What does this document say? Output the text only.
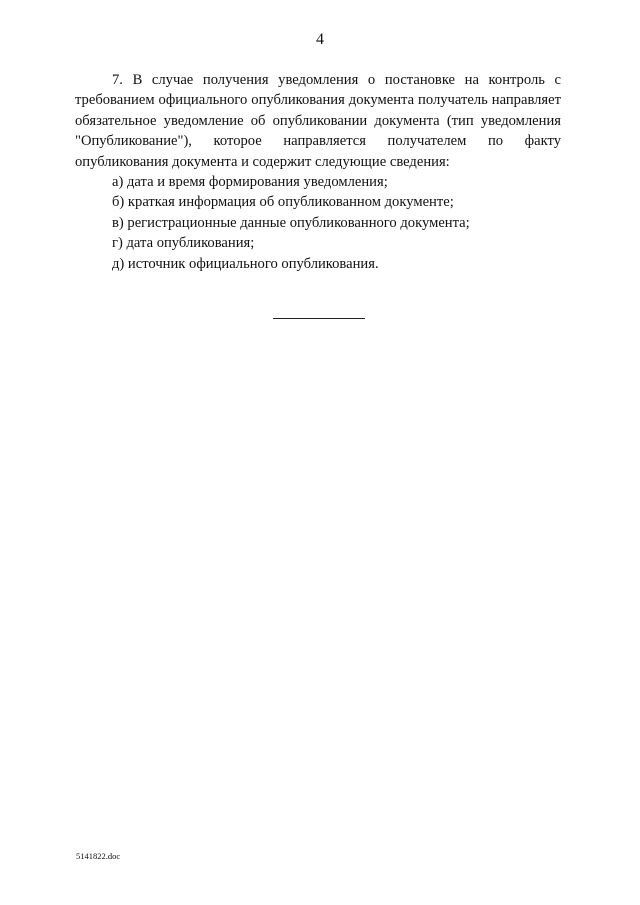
4

7. В случае получения уведомления о постановке на контроль с требованием официального опубликования документа получатель направляет обязательное уведомление об опубликовании документа (тип уведомления "Опубликование"), которое направляется получателем по факту опубликования документа и содержит следующие сведения:

а) дата и время формирования уведомления;

б) краткая информация об опубликованном документе;

в) регистрационные данные опубликованного документа;

г) дата опубликования;

д) источник официального опубликования.

5141822.doc
